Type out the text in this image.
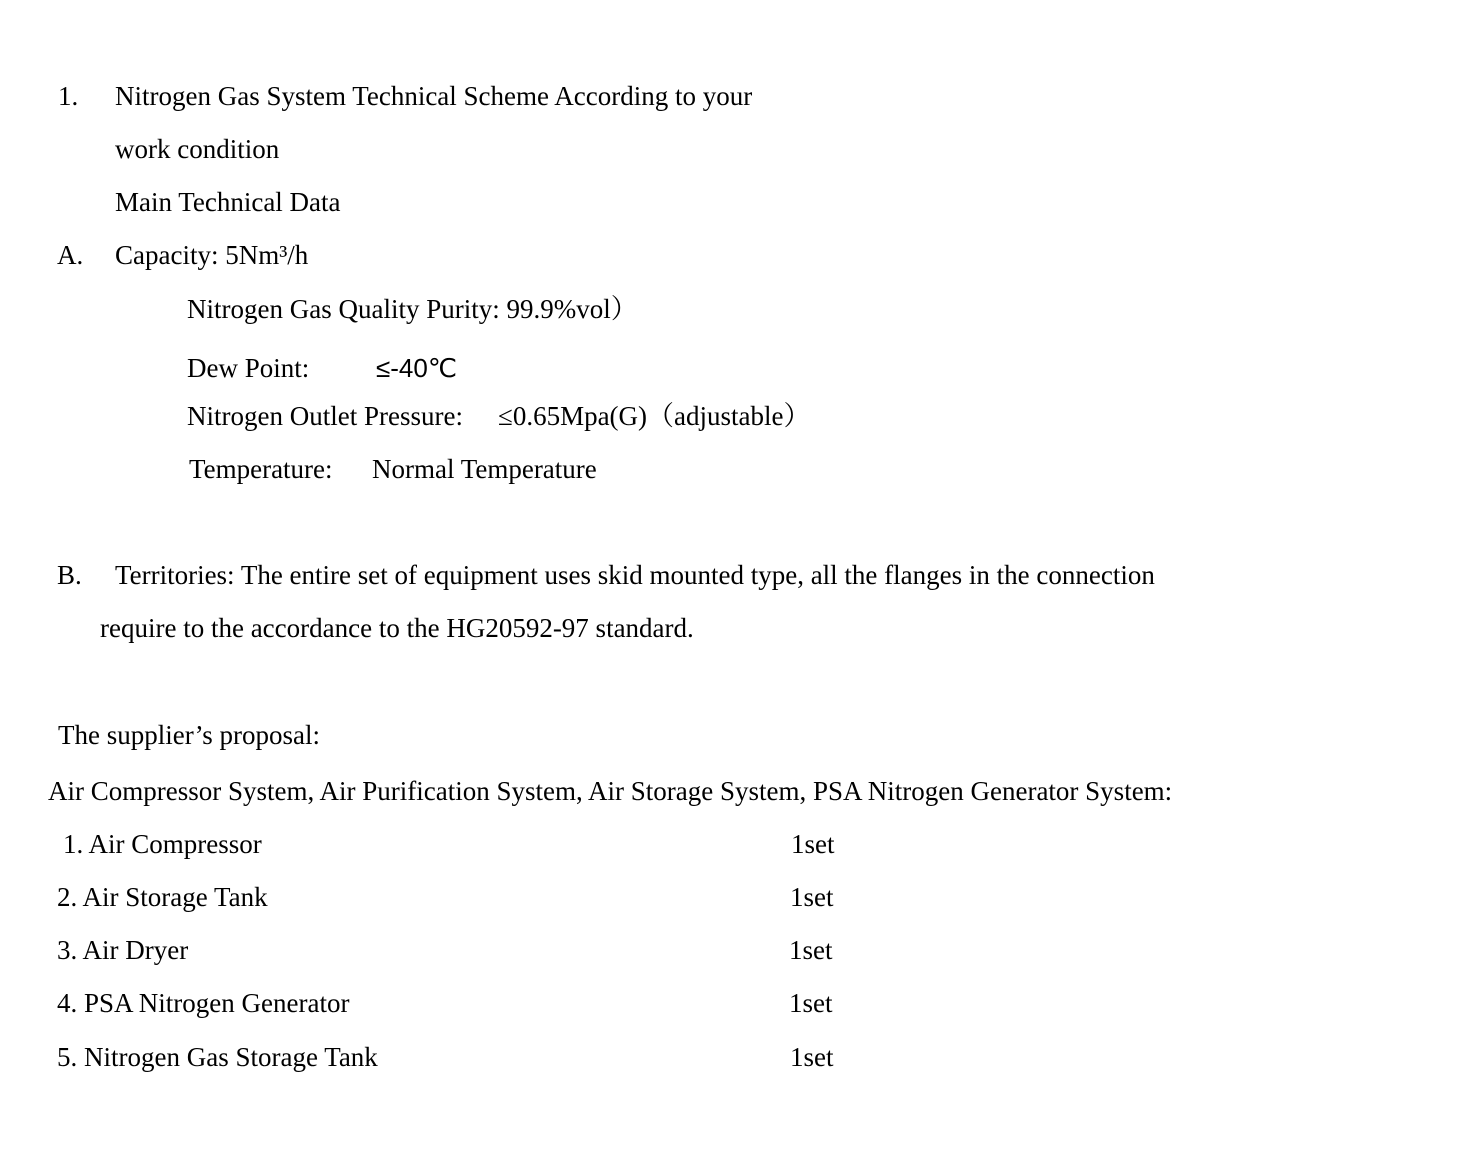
1. Nitrogen Gas System Technical Scheme According to your
work condition
Main Technical Data
A. Capacity: 5Nm³/h
Nitrogen Gas Quality Purity: 99.9%vol）
Dew Point:	≤-40℃
Nitrogen Outlet Pressure: ≤0.65Mpa(G)（adjustable）
Temperature: Normal Temperature
B. Territories: The entire set of equipment uses skid mounted type, all the flanges in the connection
require to the accordance to the HG20592-97 standard.
The supplier’s proposal:
Air Compressor System, Air Purification System, Air Storage System, PSA Nitrogen Generator System:
1. Air Compressor	1set
2. Air Storage Tank	1set
3. Air Dryer	1set
4. PSA Nitrogen Generator	1set
5. Nitrogen Gas Storage Tank	1set
